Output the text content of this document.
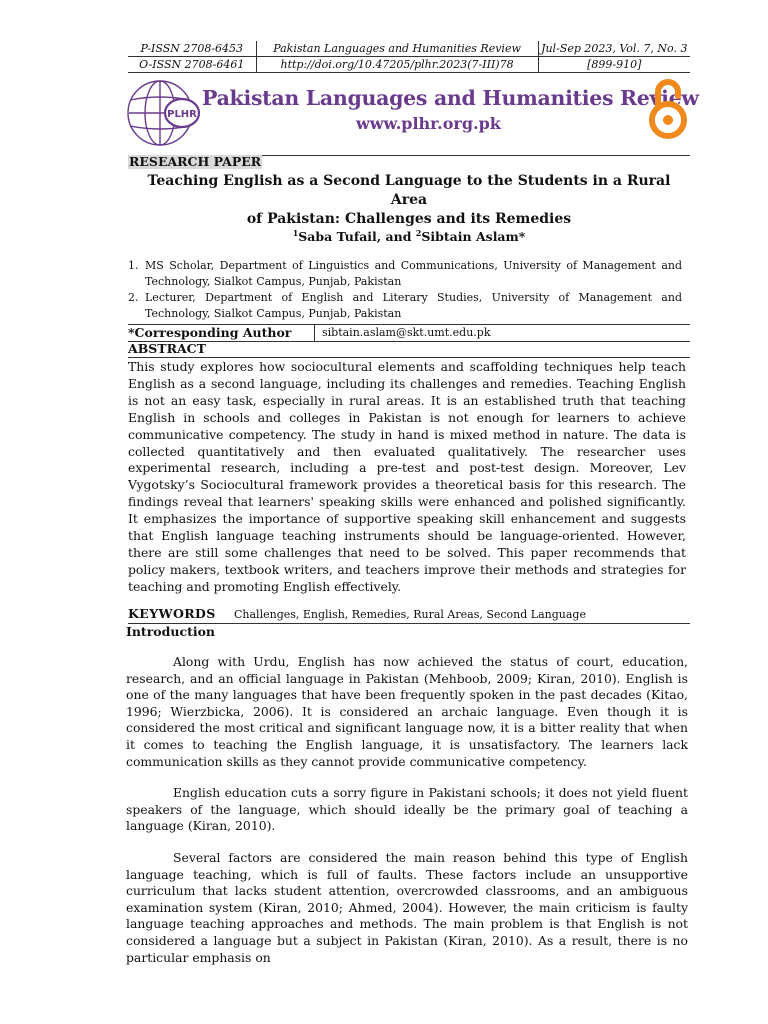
P-ISSN 2708-6453	Pakistan Languages and Humanities Review	Jul-Sep 2023, Vol. 7, No. 3
O-ISSN 2708-6461	http://doi.org/10.47205/plhr.2023(7-III)78	[899-910]
PLHR
Pakistan Languages and Humanities Review
www.plhr.org.pk
RESEARCH PAPER
Teaching English as a Second Language to the Students in a Rural Area
of Pakistan: Challenges and its Remedies
$^1$Saba Tufail, and $^2$Sibtain Aslam*
1. MS Scholar, Department of Linguistics and Communications, University of Management and Technology, Sialkot Campus, Punjab, Pakistan
2. Lecturer, Department of English and Literary Studies, University of Management and Technology, Sialkot Campus, Punjab, Pakistan
*Corresponding Author	sibtain.aslam@skt.umt.edu.pk
ABSTRACT
This study explores how sociocultural elements and scaffolding techniques help teach English as a second language, including its challenges and remedies. Teaching English is not an easy task, especially in rural areas. It is an established truth that teaching English in schools and colleges in Pakistan is not enough for learners to achieve communicative competency. The study in hand is mixed method in nature. The data is collected quantitatively and then evaluated qualitatively. The researcher uses experimental research, including a pre-test and post-test design. Moreover, Lev Vygotsky’s Sociocultural framework provides a theoretical basis for this research. The findings reveal that learners' speaking skills were enhanced and polished significantly. It emphasizes the importance of supportive speaking skill enhancement and suggests that English language teaching instruments should be language-oriented. However, there are still some challenges that need to be solved. This paper recommends that policy makers, textbook writers, and teachers improve their methods and strategies for teaching and promoting English effectively.
KEYWORDS Challenges, English, Remedies, Rural Areas, Second Language
Introduction
Along with Urdu, English has now achieved the status of court, education, research, and an official language in Pakistan (Mehboob, 2009; Kiran, 2010). English is one of the many languages that have been frequently spoken in the past decades (Kitao, 1996; Wierzbicka, 2006). It is considered an archaic language. Even though it is considered the most critical and significant language now, it is a bitter reality that when it comes to teaching the English language, it is unsatisfactory. The learners lack communication skills as they cannot provide communicative competency.
English education cuts a sorry figure in Pakistani schools; it does not yield fluent speakers of the language, which should ideally be the primary goal of teaching a language (Kiran, 2010).
Several factors are considered the main reason behind this type of English language teaching, which is full of faults. These factors include an unsupportive curriculum that lacks student attention, overcrowded classrooms, and an ambiguous examination system (Kiran, 2010; Ahmed, 2004). However, the main criticism is faulty language teaching approaches and methods. The main problem is that English is not considered a language but a subject in Pakistan (Kiran, 2010). As a result, there is no particular emphasis on
